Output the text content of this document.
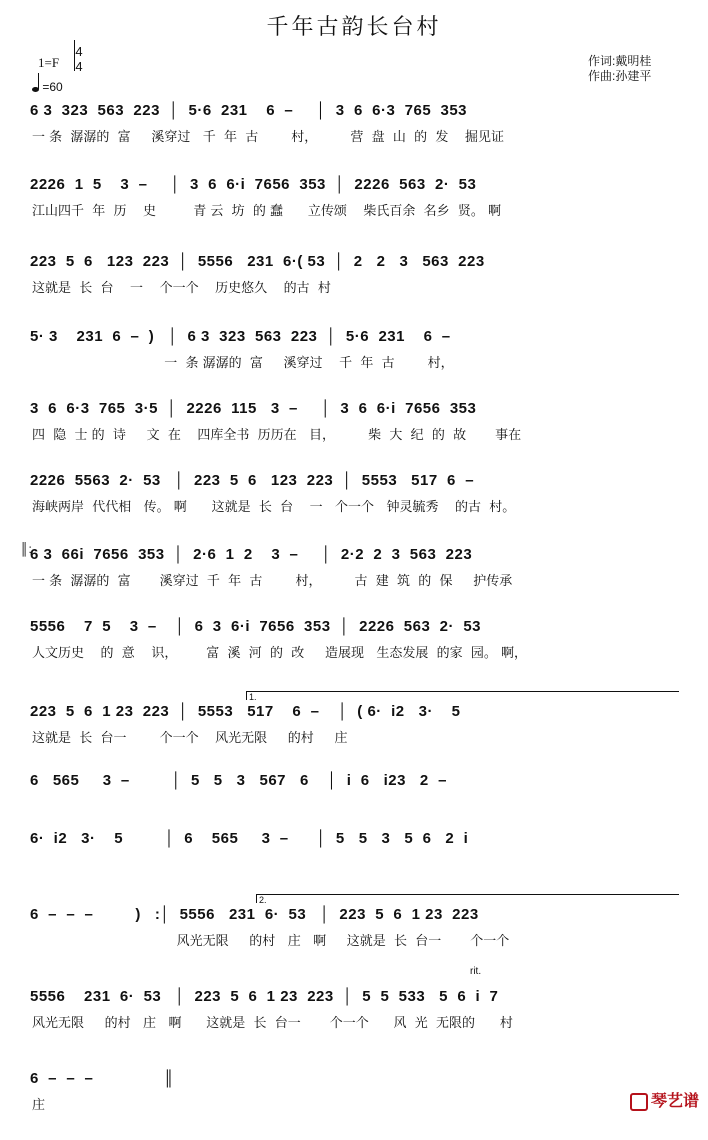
千年古韵长台村
1=F
4
4
=60
作词:戴明桂
作曲:孙建平
6 3  323  563  223  │  5·6  231    6  –     │  3  6  6·3  765  353
一 条  潺潺的  富     溪穿过   千  年  古        村，        营  盘  山  的  发    掘见证
2226  1  5    3  –     │  3  6  6·i  7656  353  │  2226  563  2·  53
江山四千  年  历    史         青 云  坊  的 蠢      立传颂    柴氏百余  名乡  贤。 啊
223  5  6   123  223  │  5556   231  6·( 53  │  2   2   3   563  223
这就是  长  台    一    个一个    历史悠久    的古  村
5· 3    231  6  –  )   │  6 3  323  563  223  │  5·6  231    6  –
一  条 潺潺的  富     溪穿过    千  年  古        村，
3  6  6·3  765  3·5  │  2226  115   3  –     │  3  6  6·i  7656  353
四  隐  士 的  诗     文  在    四库全书  历历在   目，        柴  大  纪  的  故       事在
2226  5563  2·  53   │  223  5  6   123  223  │  5553   517  6  –
海峡两岸  代代相   传。 啊      这就是  长  台    一   个一个   钟灵毓秀    的古  村。
║:
6 3  66i  7656  353  │  2·6  1  2    3  –     │  2·2  2  3  563  223
一 条  潺潺的  富       溪穿过  千  年  古        村，        古  建  筑  的  保     护传承
5556    7  5    3  –    │  6  3  6·i  7656  353  │  2226  563  2·  53
人文历史    的  意    识，       富  溪  河  的  改     造展现   生态发展  的家  园。 啊，
1.
223  5  6  1 23  223  │  5553   517    6  –    │  ( 6·  i2   3·    5
这就是  长  台一        个一个    风光无限     的村     庄
6   565     3  –         │  5   5   3   567   6    │  i  6   i23   2  –
6·  i2   3·    5         │  6    565     3  –      │  5   5   3   5  6   2  i
2.
6  –  –  –         )   :│  5556   231  6·  53   │  223  5  6  1 23  223
风光无限     的村   庄   啊     这就是  长  台一       个一个
rit.
5556    231  6·  53   │  223  5  6  1 23  223  │  5  5  533   5  6  i  7
风光无限     的村   庄   啊      这就是  长  台一       个一个      风  光  无限的      村
6  –  –  –               ║
庄	琴艺谱
